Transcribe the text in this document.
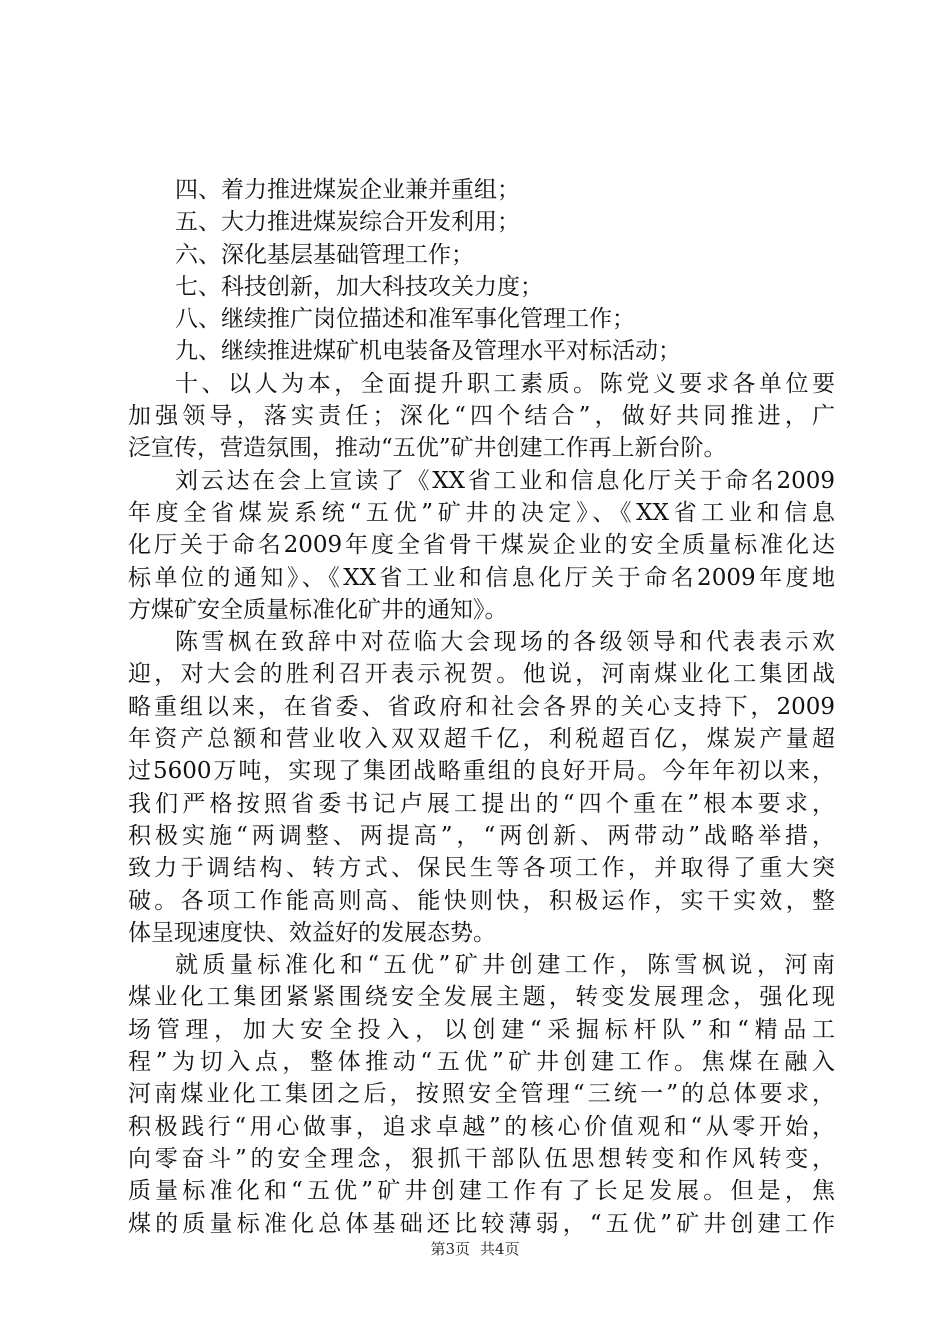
四、着力推进煤炭企业兼并重组；
五、大力推进煤炭综合开发利用；
六、深化基层基础管理工作；
七、科技创新，加大科技攻关力度；
八、继续推广岗位描述和准军事化管理工作；
九、继续推进煤矿机电装备及管理水平对标活动；
十、以人为本，全面提升职工素质。陈党义要求各单位要
加强领导，落实责任；深化“四个结合”，做好共同推进，广
泛宣传，营造氛围，推动“五优”矿井创建工作再上新台阶。
刘云达在会上宣读了《XX省工业和信息化厅关于命名2009
年度全省煤炭系统“五优”矿井的决定》、《XX省工业和信息
化厅关于命名2009年度全省骨干煤炭企业的安全质量标准化达
标单位的通知》、《XX省工业和信息化厅关于命名2009年度地
方煤矿安全质量标准化矿井的通知》。
陈雪枫在致辞中对莅临大会现场的各级领导和代表表示欢
迎，对大会的胜利召开表示祝贺。他说，河南煤业化工集团战
略重组以来，在省委、省政府和社会各界的关心支持下，2009
年资产总额和营业收入双双超千亿，利税超百亿，煤炭产量超
过5600万吨，实现了集团战略重组的良好开局。今年年初以来，
我们严格按照省委书记卢展工提出的“四个重在”根本要求，
积极实施“两调整、两提高”，“两创新、两带动”战略举措，
致力于调结构、转方式、保民生等各项工作，并取得了重大突
破。各项工作能高则高、能快则快，积极运作，实干实效，整
体呈现速度快、效益好的发展态势。
就质量标准化和“五优”矿井创建工作，陈雪枫说，河南
煤业化工集团紧紧围绕安全发展主题，转变发展理念，强化现
场管理，加大安全投入，以创建“采掘标杆队”和“精品工
程”为切入点，整体推动“五优”矿井创建工作。焦煤在融入
河南煤业化工集团之后，按照安全管理“三统一”的总体要求，
积极践行“用心做事，追求卓越”的核心价值观和“从零开始，
向零奋斗”的安全理念，狠抓干部队伍思想转变和作风转变，
质量标准化和“五优”矿井创建工作有了长足发展。但是，焦
煤的质量标准化总体基础还比较薄弱，“五优”矿井创建工作
第3页 共4页
